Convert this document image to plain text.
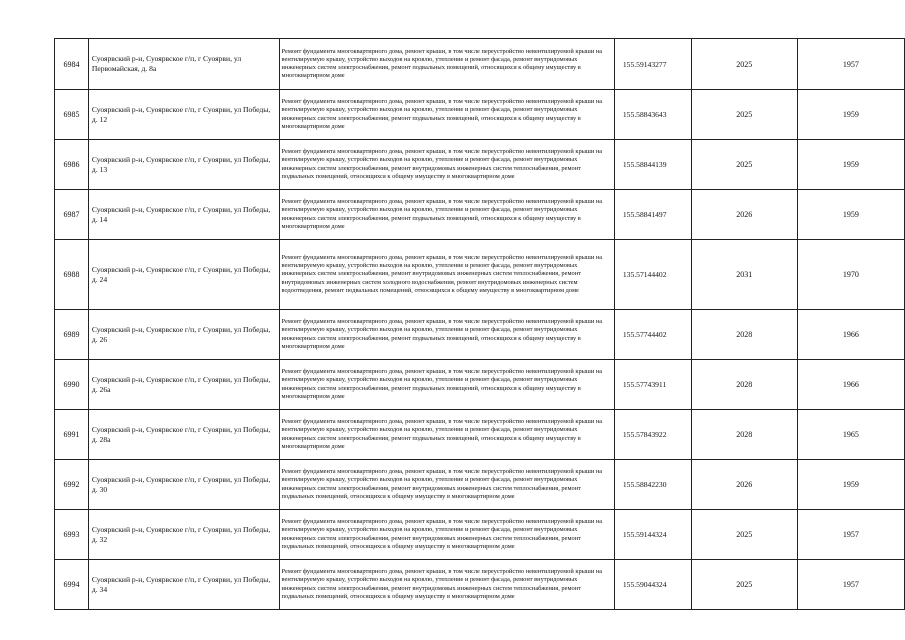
6984	Суоярвский р-н, Суоярвское г/п, г Суоярви, ул Первомайская, д. 8а	Ремонт фундамента многоквартирного дома, ремонт крыши, в том числе переустройство невентилируемой крыши на вентилируемую крышу, устройство выходов на кровлю, утепление и ремонт фасада, ремонт внутридомовых инженерных систем электроснабжения, ремонт подвальных помещений, относящихся к общему имуществу в многоквартирном доме	155.59143277	2025	1957
6985	Суоярвский р-н, Суоярвское г/п, г Суоярви, ул Победы, д. 12	Ремонт фундамента многоквартирного дома, ремонт крыши, в том числе переустройство невентилируемой крыши на вентилируемую крышу, устройство выходов на кровлю, утепление и ремонт фасада, ремонт внутридомовых инженерных систем электроснабжения, ремонт подвальных помещений, относящихся к общему имуществу в многоквартирном доме	155.58843643	2025	1959
6986	Суоярвский р-н, Суоярвское г/п, г Суоярви, ул Победы, д. 13	Ремонт фундамента многоквартирного дома, ремонт крыши, в том числе переустройство невентилируемой крыши на вентилируемую крышу, устройство выходов на кровлю, утепление и ремонт фасада, ремонт внутридомовых инженерных систем электроснабжения, ремонт внутридомовых инженерных систем теплоснабжения, ремонт подвальных помещений, относящихся к общему имуществу в многоквартирном доме	155.58844139	2025	1959
6987	Суоярвский р-н, Суоярвское г/п, г Суоярви, ул Победы, д. 14	Ремонт фундамента многоквартирного дома, ремонт крыши, в том числе переустройство невентилируемой крыши на вентилируемую крышу, устройство выходов на кровлю, утепление и ремонт фасада, ремонт внутридомовых инженерных систем электроснабжения, ремонт подвальных помещений, относящихся к общему имуществу в многоквартирном доме	155.58841497	2026	1959
6988	Суоярвский р-н, Суоярвское г/п, г Суоярви, ул Победы, д. 24	Ремонт фундамента многоквартирного дома, ремонт крыши, в том числе переустройство невентилируемой крыши на вентилируемую крышу, устройство выходов на кровлю, утепление и ремонт фасада, ремонт внутридомовых инженерных систем электроснабжения, ремонт внутридомовых инженерных систем теплоснабжения, ремонт внутридомовых инженерных систем холодного водоснабжения, ремонт внутридомовых инженерных систем водоотведения, ремонт подвальных помещений, относящихся к общему имуществу в многоквартирном доме	135.57144402	2031	1970
6989	Суоярвский р-н, Суоярвское г/п, г Суоярви, ул Победы, д. 26	Ремонт фундамента многоквартирного дома, ремонт крыши, в том числе переустройство невентилируемой крыши на вентилируемую крышу, устройство выходов на кровлю, утепление и ремонт фасада, ремонт внутридомовых инженерных систем электроснабжения, ремонт подвальных помещений, относящихся к общему имуществу в многоквартирном доме	155.57744402	2028	1966
6990	Суоярвский р-н, Суоярвское г/п, г Суоярви, ул Победы, д. 26а	Ремонт фундамента многоквартирного дома, ремонт крыши, в том числе переустройство невентилируемой крыши на вентилируемую крышу, устройство выходов на кровлю, утепление и ремонт фасада, ремонт внутридомовых инженерных систем электроснабжения, ремонт подвальных помещений, относящихся к общему имуществу в многоквартирном доме	155.57743911	2028	1966
6991	Суоярвский р-н, Суоярвское г/п, г Суоярви, ул Победы, д. 28а	Ремонт фундамента многоквартирного дома, ремонт крыши, в том числе переустройство невентилируемой крыши на вентилируемую крышу, устройство выходов на кровлю, утепление и ремонт фасада, ремонт внутридомовых инженерных систем электроснабжения, ремонт подвальных помещений, относящихся к общему имуществу в многоквартирном доме	155.57843922	2028	1965
6992	Суоярвский р-н, Суоярвское г/п, г Суоярви, ул Победы, д. 30	Ремонт фундамента многоквартирного дома, ремонт крыши, в том числе переустройство невентилируемой крыши на вентилируемую крышу, устройство выходов на кровлю, утепление и ремонт фасада, ремонт внутридомовых инженерных систем электроснабжения, ремонт внутридомовых инженерных систем теплоснабжения, ремонт подвальных помещений, относящихся к общему имуществу в многоквартирном доме	155.58842230	2026	1959
6993	Суоярвский р-н, Суоярвское г/п, г Суоярви, ул Победы, д. 32	Ремонт фундамента многоквартирного дома, ремонт крыши, в том числе переустройство невентилируемой крыши на вентилируемую крышу, устройство выходов на кровлю, утепление и ремонт фасада, ремонт внутридомовых инженерных систем электроснабжения, ремонт внутридомовых инженерных систем теплоснабжения, ремонт подвальных помещений, относящихся к общему имуществу в многоквартирном доме	155.59144324	2025	1957
6994	Суоярвский р-н, Суоярвское г/п, г Суоярви, ул Победы, д. 34	Ремонт фундамента многоквартирного дома, ремонт крыши, в том числе переустройство невентилируемой крыши на вентилируемую крышу, устройство выходов на кровлю, утепление и ремонт фасада, ремонт внутридомовых инженерных систем электроснабжения, ремонт внутридомовых инженерных систем теплоснабжения, ремонт подвальных помещений, относящихся к общему имуществу в многоквартирном доме	155.59044324	2025	1957
